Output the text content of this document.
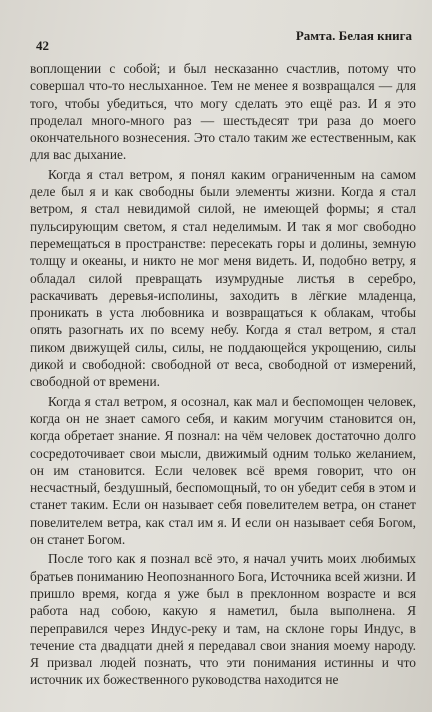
42
Рамта. Белая книга

воплощении с собой; и был несказанно счастлив, потому что совершал что-то неслыханное. Тем не менее я возвращался — для того, чтобы убедиться, что могу сделать это ещё раз. И я это проделал много-много раз — шестьдесят три раза до моего окончательного вознесения. Это стало таким же естественным, как для вас дыхание.

Когда я стал ветром, я понял каким ограниченным на самом деле был я и как свободны были элементы жизни. Когда я стал ветром, я стал невидимой силой, не имеющей формы; я стал пульсирующим светом, я стал неделимым. И так я мог свободно перемещаться в пространстве: пересекать горы и долины, земную толщу и океаны, и никто не мог меня видеть. И, подобно ветру, я обладал силой превращать изумрудные листья в серебро, раскачивать деревья-исполины, заходить в лёгкие младенца, проникать в уста любовника и возвращаться к облакам, чтобы опять разогнать их по всему небу. Когда я стал ветром, я стал пиком движущей силы, силы, не поддающейся укрощению, силы дикой и свободной: свободной от веса, свободной от измерений, свободной от времени.

Когда я стал ветром, я осознал, как мал и беспомощен человек, когда он не знает самого себя, и каким могучим становится он, когда обретает знание. Я познал: на чём человек достаточно долго сосредоточивает свои мысли, движимый одним только желанием, он им становится. Если человек всё время говорит, что он несчастный, бездушный, беспомощный, то он убедит себя в этом и станет таким. Если он называет себя повелителем ветра, он станет повелителем ветра, как стал им я. И если он называет себя Богом, он станет Богом.

После того как я познал всё это, я начал учить моих любимых братьев пониманию Неопознанного Бога, Источника всей жизни. И пришло время, когда я уже был в преклонном возрасте и вся работа над собою, какую я наметил, была выполнена. Я переправился через Индус-реку и там, на склоне горы Индус, в течение ста двадцати дней я передавал свои знания моему народу. Я призвал людей познать, что эти понимания истинны и что источник их божественного руководства находится не
